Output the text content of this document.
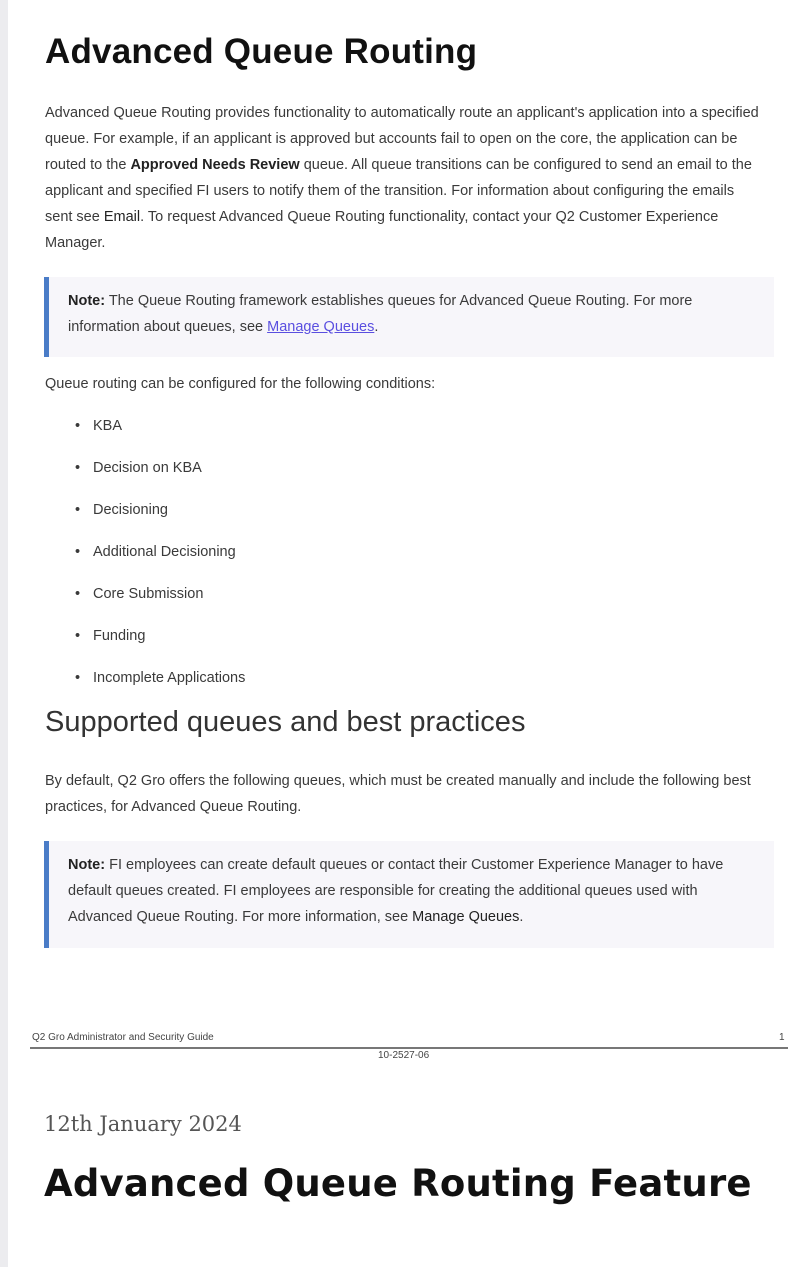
Advanced Queue Routing

Advanced Queue Routing provides functionality to automatically route an applicant's application into a specified queue. For example, if an applicant is approved but accounts fail to open on the core, the application can be routed to the Approved Needs Review queue. All queue transitions can be configured to send an email to the applicant and specified FI users to notify them of the transition. For information about configuring the emails sent see Email. To request Advanced Queue Routing functionality, contact your Q2 Customer Experience Manager.

Note: The Queue Routing framework establishes queues for Advanced Queue Routing. For more information about queues, see Manage Queues.

Queue routing can be configured for the following conditions:

• KBA
• Decision on KBA
• Decisioning
• Additional Decisioning
• Core Submission
• Funding
• Incomplete Applications
Supported queues and best practices

By default, Q2 Gro offers the following queues, which must be created manually and include the following best practices, for Advanced Queue Routing.

Note: FI employees can create default queues or contact their Customer Experience Manager to have default queues created. FI employees are responsible for creating the additional queues used with Advanced Queue Routing. For more information, see Manage Queues.

Q2 Gro Administrator and Security Guide	1
10-2527-06
12th January 2024
Advanced Queue Routing Feature
